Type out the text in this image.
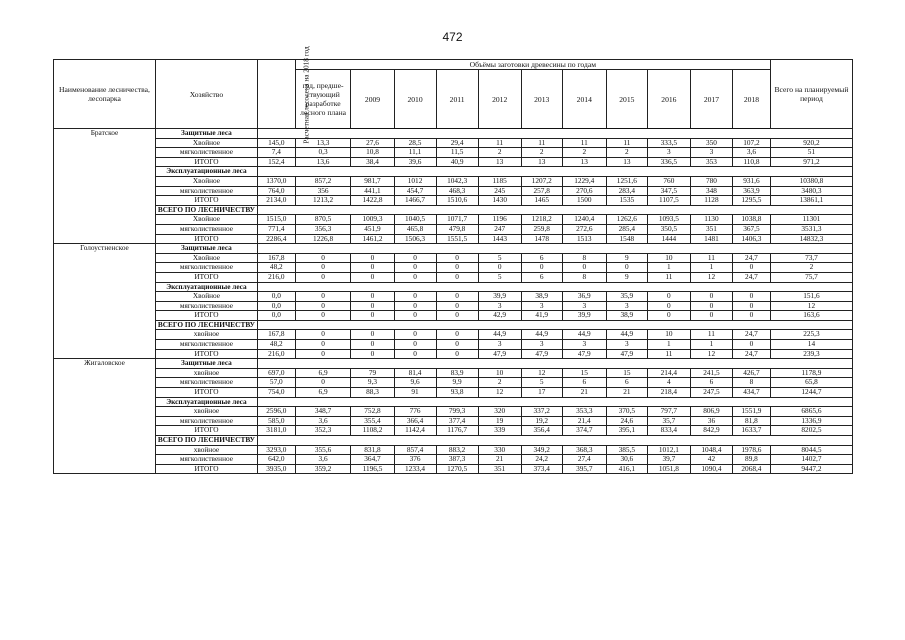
472
Наименование лесничества, лесопарка	Хозяйство	Расчетная лесосека на 2018 год	Объёмы заготовки древесины по годам											Всего на планируемый период
			год, предше-ствующий разработке лесного плана	2009	2010	2011	2012	2013	2014	2015	2016	2017	2018	
Братское	Защитные леса													
	Хвойное	145,0	13,3	27,6	28,5	29,4	11	11	11	11	333,5	350	107,2	920,2
	мягколиственное	7,4	0,3	10,8	11,1	11,5	2	2	2	2	3	3	3,6	51
	ИТОГО	152,4	13,6	38,4	39,6	40,9	13	13	13	13	336,5	353	110,8	971,2
	Эксплуатационные леса													
	Хвойное	1370,0	857,2	981,7	1012	1042,3	1185	1207,2	1229,4	1251,6	760	780	931,6	10380,8
	мягколиственное	764,0	356	441,1	454,7	468,3	245	257,8	270,6	283,4	347,5	348	363,9	3480,3
	ИТОГО	2134,0	1213,2	1422,8	1466,7	1510,6	1430	1465	1500	1535	1107,5	1128	1295,5	13861,1
	ВСЕГО ПО ЛЕСНИЧЕСТВУ													
	Хвойное	1515,0	870,5	1009,3	1040,5	1071,7	1196	1218,2	1240,4	1262,6	1093,5	1130	1038,8	11301
	мягколиственное	771,4	356,3	451,9	465,8	479,8	247	259,8	272,6	285,4	350,5	351	367,5	3531,3
	ИТОГО	2286,4	1226,8	1461,2	1506,3	1551,5	1443	1478	1513	1548	1444	1481	1406,3	14832,3
Голоустненское	Защитные леса													
	Хвойное	167,8	0	0	0	0	5	6	8	9	10	11	24,7	73,7
	мягколиственное	48,2	0	0	0	0	0	0	0	0	1	1	0	2
	ИТОГО	216,0	0	0	0	0	5	6	8	9	11	12	24,7	75,7
	Эксплуатационные леса													
	Хвойное	0,0	0	0	0	0	39,9	38,9	36,9	35,9	0	0	0	151,6
	мягколиственное	0,0	0	0	0	0	3	3	3	3	0	0	0	12
	ИТОГО	0,0	0	0	0	0	42,9	41,9	39,9	38,9	0	0	0	163,6
	ВСЕГО ПО ЛЕСНИЧЕСТВУ													
	хвойное	167,8	0	0	0	0	44,9	44,9	44,9	44,9	10	11	24,7	225,3
	мягколиственное	48,2	0	0	0	0	3	3	3	3	1	1	0	14
	ИТОГО	216,0	0	0	0	0	47,9	47,9	47,9	47,9	11	12	24,7	239,3
Жигаловское	Защитные леса													
	хвойное	697,0	6,9	79	81,4	83,9	10	12	15	15	214,4	241,5	426,7	1178,9
	мягколиственное	57,0	0	9,3	9,6	9,9	2	5	6	6	4	6	8	65,8
	ИТОГО	754,0	6,9	88,3	91	93,8	12	17	21	21	218,4	247,5	434,7	1244,7
	Эксплуатационные леса													
	хвойное	2596,0	348,7	752,8	776	799,3	320	337,2	353,3	370,5	797,7	806,9	1551,9	6865,6
	мягколиственное	585,0	3,6	355,4	366,4	377,4	19	19,2	21,4	24,6	35,7	36	81,8	1336,9
	ИТОГО	3181,0	352,3	1108,2	1142,4	1176,7	339	356,4	374,7	395,1	833,4	842,9	1633,7	8202,5
	ВСЕГО ПО ЛЕСНИЧЕСТВУ													
	хвойное	3293,0	355,6	831,8	857,4	883,2	330	349,2	368,3	385,5	1012,1	1048,4	1978,6	8044,5
	мягколиственное	642,0	3,6	364,7	376	387,3	21	24,2	27,4	30,6	39,7	42	89,8	1402,7
	ИТОГО	3935,0	359,2	1196,5	1233,4	1270,5	351	373,4	395,7	416,1	1051,8	1090,4	2068,4	9447,2
